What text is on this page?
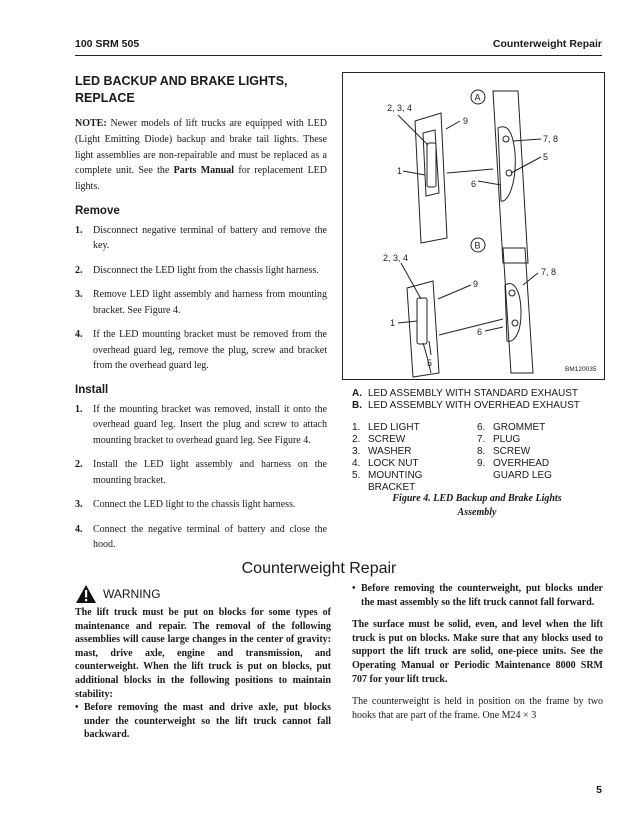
100 SRM 505	Counterweight Repair

LED BACKUP AND BRAKE LIGHTS,
REPLACE

NOTE: Newer models of lift trucks are equipped with LED (Light Emitting Diode) backup and brake tail lights. These light assemblies are non-repairable and must be replaced as a complete unit. See the Parts Manual for replacement LED lights.

Remove

1. Disconnect negative terminal of battery and remove the key.
2. Disconnect the LED light from the chassis light harness.
3. Remove LED light assembly and harness from mounting bracket. See Figure 4.
4. If the LED mounting bracket must be removed from the overhead guard leg, remove the plug, screw and bracket from the overhead guard leg.

Install

1. If the mounting bracket was removed, install it onto the overhead guard leg. Insert the plug and screw to attach mounting bracket to overhead guard leg. See Figure 4.
2. Install the LED light assembly and harness on the mounting bracket.
3. Connect the LED light to the chassis light harness.
4. Connect the negative terminal of battery and close the hood.
A
2, 3, 4
9
7, 8
5
1
6
B
2, 3, 4
7, 8
9
1
6
5
BM120035
A. LED ASSEMBLY WITH STANDARD EXHAUST
B. LED ASSEMBLY WITH OVERHEAD EXHAUST
1. LED LIGHT
2. SCREW
3. WASHER
4. LOCK NUT
5. MOUNTING
BRACKET
6. GROMMET
7. PLUG
8. SCREW
9. OVERHEAD
GUARD LEG
Figure 4. LED Backup and Brake Lights
Assembly
Counterweight Repair
WARNING

The lift truck must be put on blocks for some types of maintenance and repair. The removal of the following assemblies will cause large changes in the center of gravity: mast, drive axle, engine and transmission, and counterweight. When the lift truck is put on blocks, put additional blocks in the following positions to maintain stability:

• Before removing the mast and drive axle, put blocks under the counterweight so the lift truck cannot fall backward.

• Before removing the counterweight, put blocks under the mast assembly so the lift truck cannot fall forward.

The surface must be solid, even, and level when the lift truck is put on blocks. Make sure that any blocks used to support the lift truck are solid, one-piece units. See the Operating Manual or Periodic Maintenance 8000 SRM 707 for your lift truck.

The counterweight is held in position on the frame by two hooks that are part of the frame. One M24 × 3

5
